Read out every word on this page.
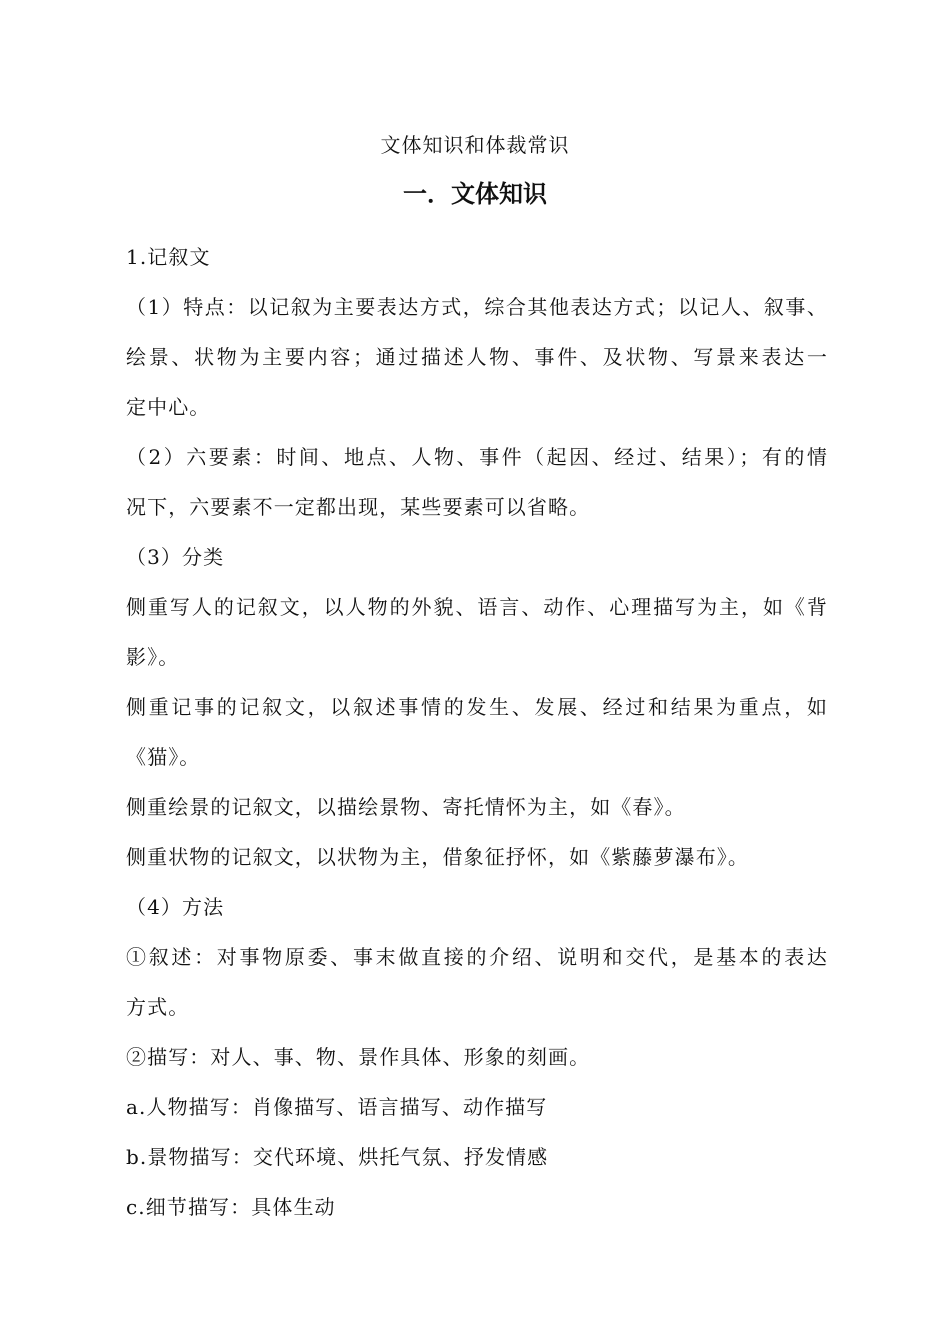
文体知识和体裁常识
一．文体知识

1.记叙文

（1）特点：以记叙为主要表达方式，综合其他表达方式；以记人、叙事、

绘景、状物为主要内容；通过描述人物、事件、及状物、写景来表达一

定中心。

（2）六要素：时间、地点、人物、事件（起因、经过、结果）；有的情

况下，六要素不一定都出现，某些要素可以省略。

（3）分类

侧重写人的记叙文，以人物的外貌、语言、动作、心理描写为主，如《背

影》。

侧重记事的记叙文，以叙述事情的发生、发展、经过和结果为重点，如

《猫》。

侧重绘景的记叙文，以描绘景物、寄托情怀为主，如《春》。

侧重状物的记叙文，以状物为主，借象征抒怀，如《紫藤萝瀑布》。

（4）方法

①叙述：对事物原委、事末做直接的介绍、说明和交代，是基本的表达

方式。

②描写：对人、事、物、景作具体、形象的刻画。

a.人物描写：肖像描写、语言描写、动作描写

b.景物描写：交代环境、烘托气氛、抒发情感

c.细节描写：具体生动
